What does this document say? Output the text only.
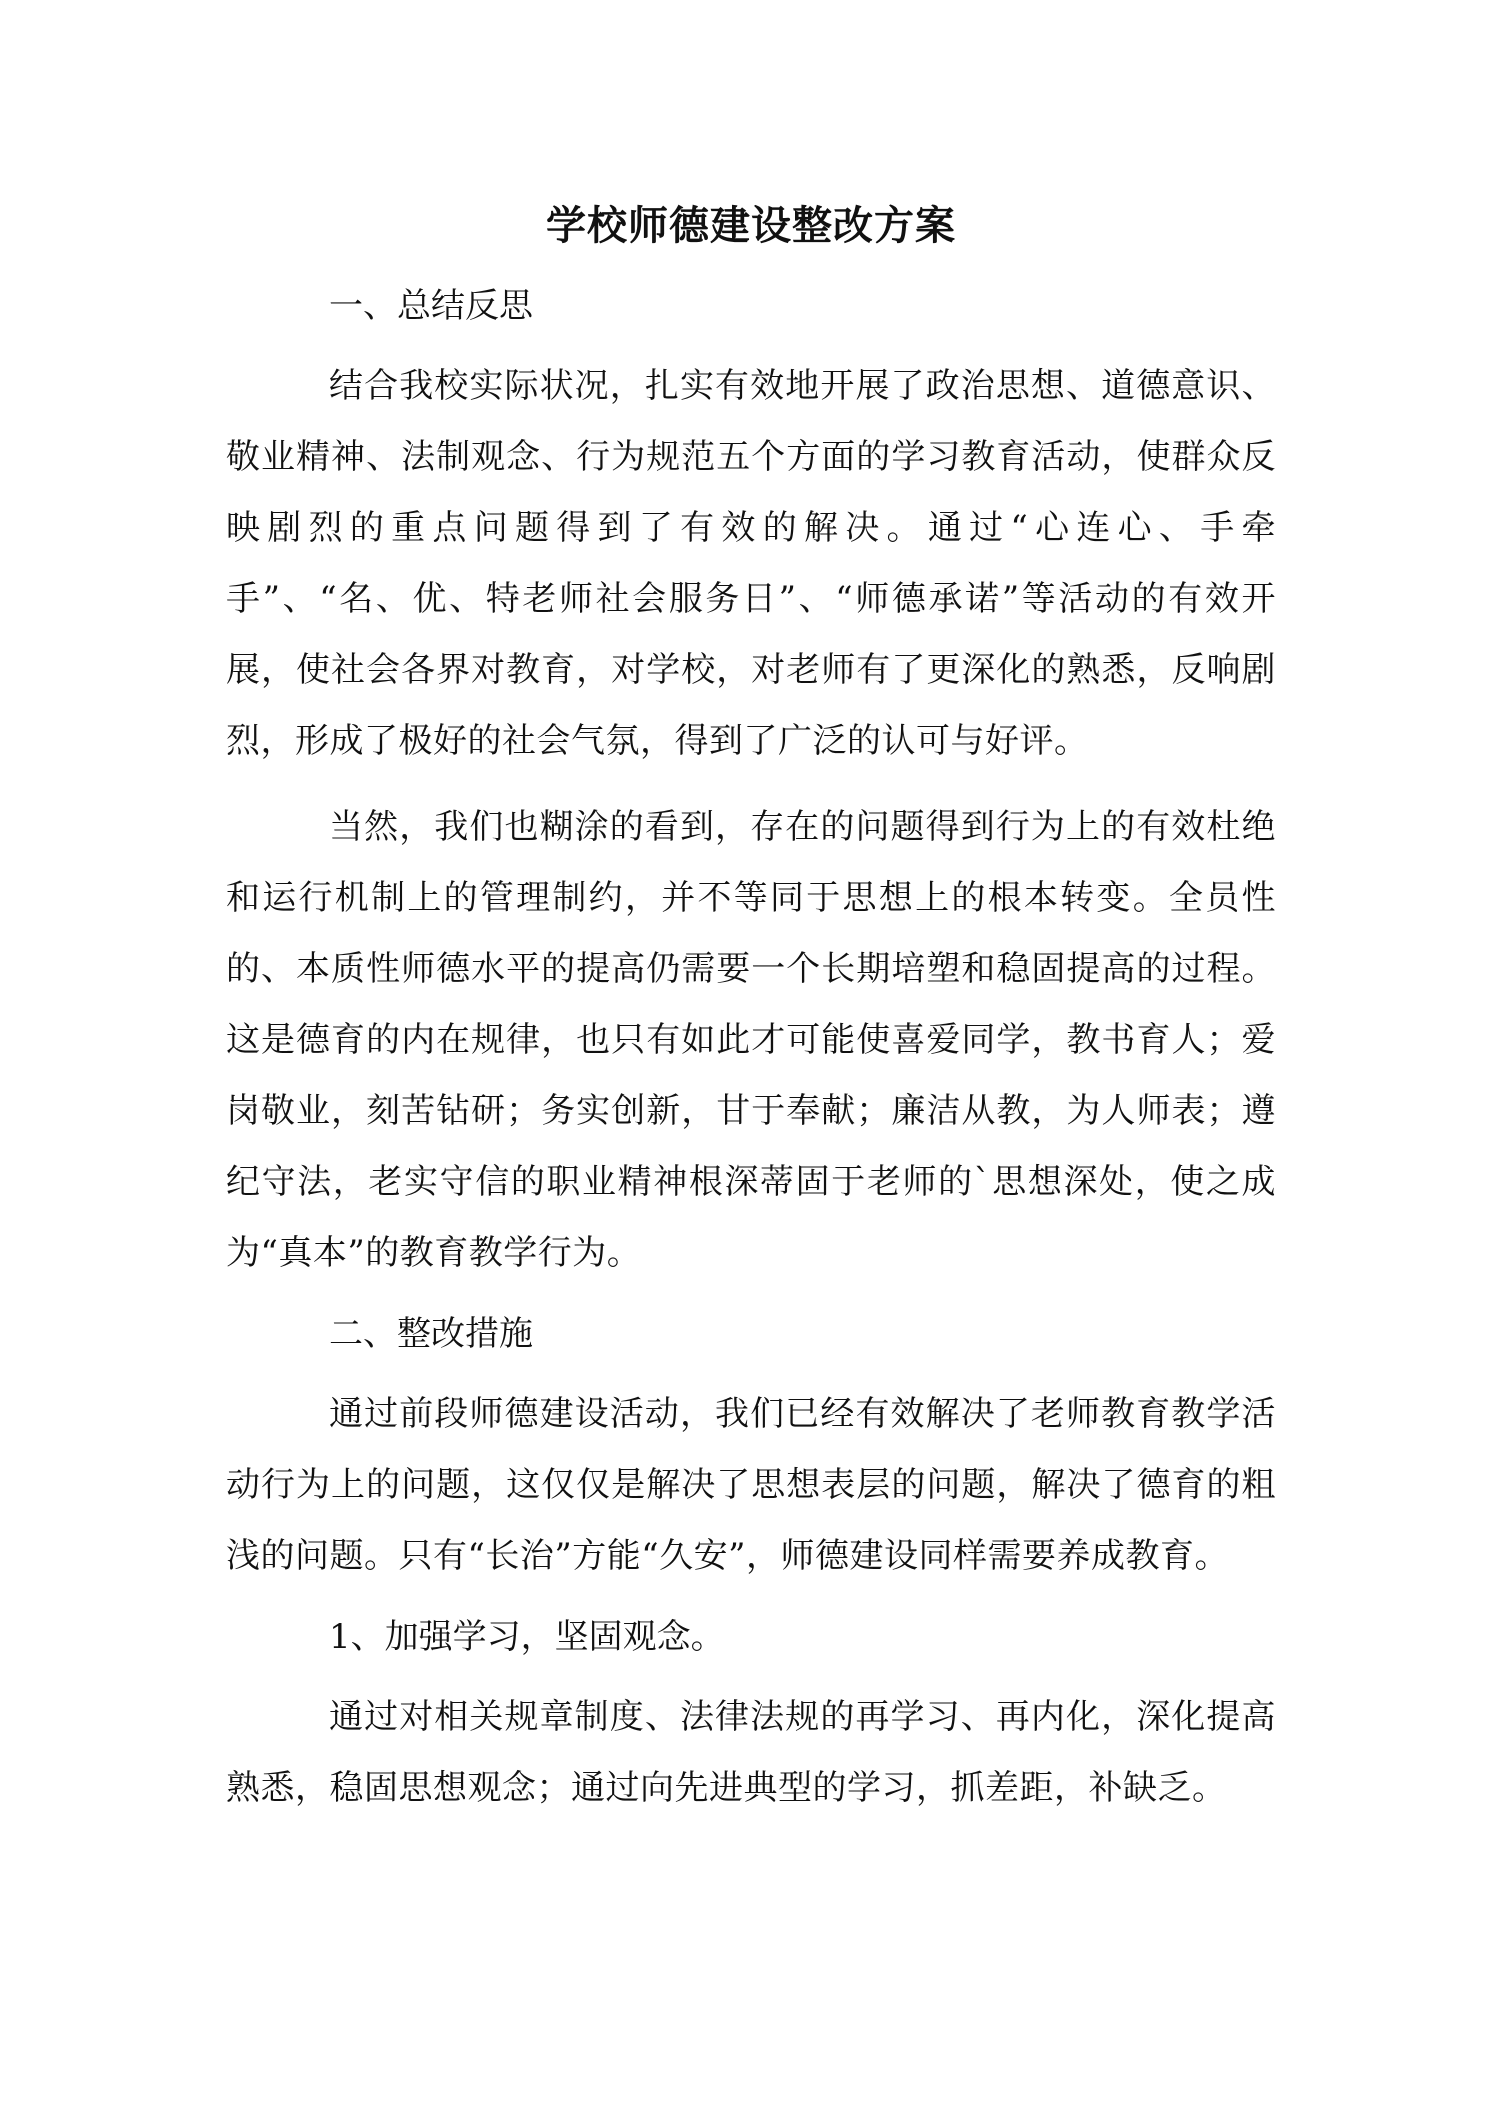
学校师德建设整改方案
一、总结反思

结合我校实际状况，扎实有效地开展了政治思想、道德意识、敬业精神、法制观念、行为规范五个方面的学习教育活动，使群众反映剧烈的重点问题得到了有效的解决。通过“心连心、手牵手”、“名、优、特老师社会服务日”、“师德承诺”等活动的有效开展，使社会各界对教育，对学校，对老师有了更深化的熟悉，反响剧烈，形成了极好的社会气氛，得到了广泛的认可与好评。

当然，我们也糊涂的看到，存在的问题得到行为上的有效杜绝和运行机制上的管理制约，并不等同于思想上的根本转变。全员性的、本质性师德水平的提高仍需要一个长期培塑和稳固提高的过程。这是德育的内在规律，也只有如此才可能使喜爱同学，教书育人；爱岗敬业，刻苦钻研；务实创新，甘于奉献；廉洁从教，为人师表；遵纪守法，老实守信的职业精神根深蒂固于老师的`思想深处，使之成为“真本”的教育教学行为。

二、整改措施

通过前段师德建设活动，我们已经有效解决了老师教育教学活动行为上的问题，这仅仅是解决了思想表层的问题，解决了德育的粗浅的问题。只有“长治”方能“久安”，师德建设同样需要养成教育。

1、加强学习，坚固观念。

通过对相关规章制度、法律法规的再学习、再内化，深化提高熟悉，稳固思想观念；通过向先进典型的学习，抓差距，补缺乏。
